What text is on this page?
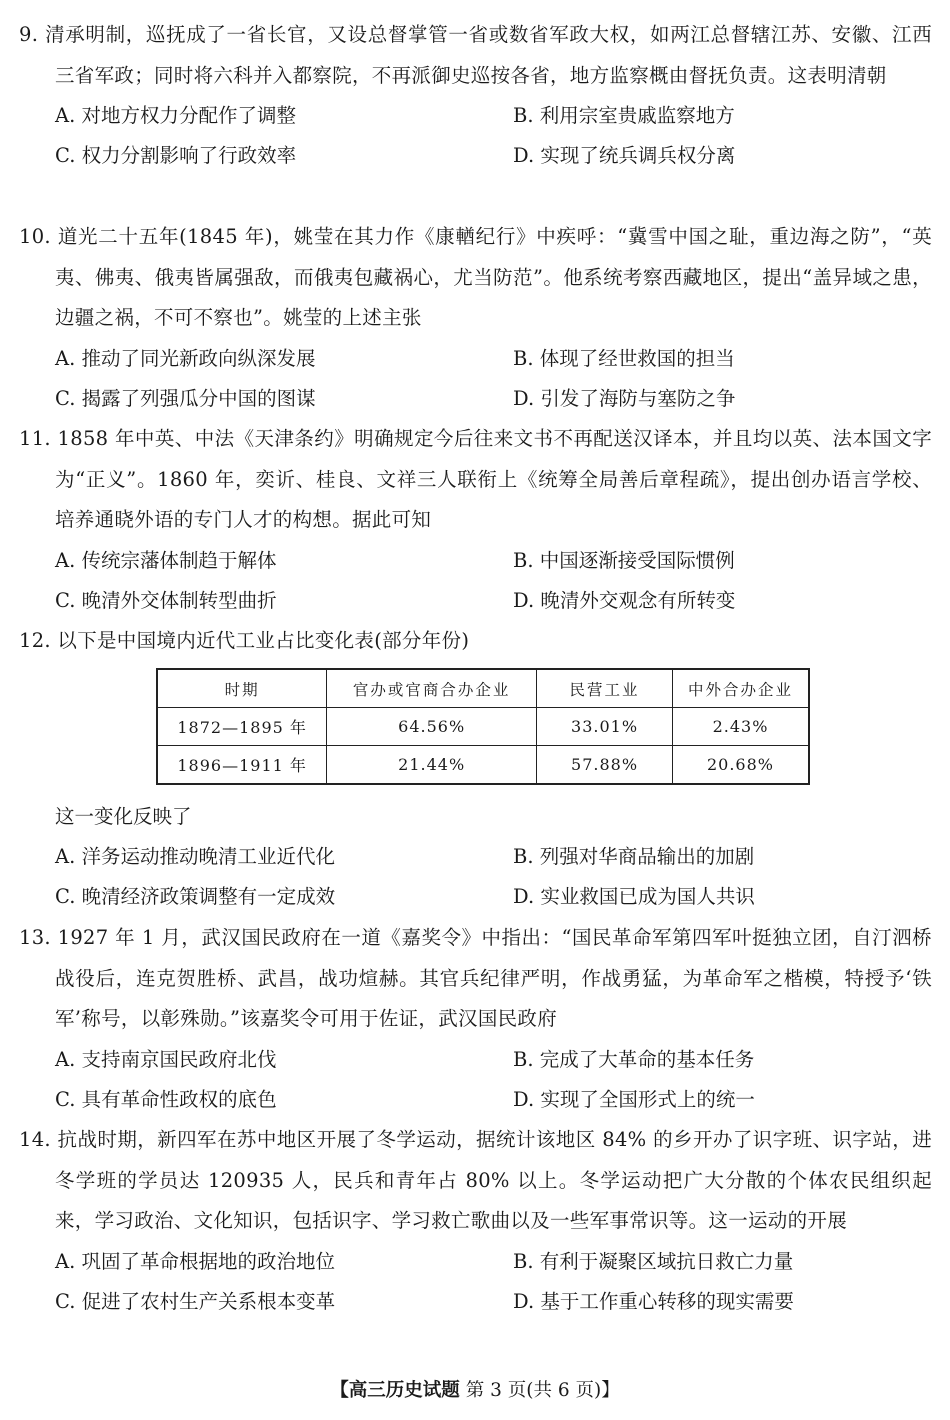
9. 清承明制，巡抚成了一省长官，又设总督掌管一省或数省军政大权，如两江总督辖江苏、安徽、江西三省军政；同时将六科并入都察院，不再派御史巡按各省，地方监察概由督抚负责。这表明清朝

A. 对地方权力分配作了调整	B. 利用宗室贵戚监察地方
C. 权力分割影响了行政效率	D. 实现了统兵调兵权分离

10. 道光二十五年(1845 年)，姚莹在其力作《康輶纪行》中疾呼：“冀雪中国之耻，重边海之防”，“英夷、佛夷、俄夷皆属强敌，而俄夷包藏祸心，尤当防范”。他系统考察西藏地区，提出“盖异域之患，边疆之祸，不可不察也”。姚莹的上述主张

A. 推动了同光新政向纵深发展	B. 体现了经世救国的担当
C. 揭露了列强瓜分中国的图谋	D. 引发了海防与塞防之争

11. 1858 年中英、中法《天津条约》明确规定今后往来文书不再配送汉译本，并且均以英、法本国文字为“正义”。1860 年，奕䜣、桂良、文祥三人联衔上《统筹全局善后章程疏》，提出创办语言学校、培养通晓外语的专门人才的构想。据此可知

A. 传统宗藩体制趋于解体	B. 中国逐渐接受国际惯例
C. 晚清外交体制转型曲折	D. 晚清外交观念有所转变

12. 以下是中国境内近代工业占比变化表(部分年份)

时期	官办或官商合办企业	民营工业	中外合办企业
1872—1895 年	64.56%	33.01%	2.43%
1896—1911 年	21.44%	57.88%	20.68%

这一变化反映了

A. 洋务运动推动晚清工业近代化	B. 列强对华商品输出的加剧
C. 晚清经济政策调整有一定成效	D. 实业救国已成为国人共识

13. 1927 年 1 月，武汉国民政府在一道《嘉奖令》中指出：“国民革命军第四军叶挺独立团，自汀泗桥战役后，连克贺胜桥、武昌，战功煊赫。其官兵纪律严明，作战勇猛，为革命军之楷模，特授予‘铁军’称号，以彰殊勋。”该嘉奖令可用于佐证，武汉国民政府

A. 支持南京国民政府北伐	B. 完成了大革命的基本任务
C. 具有革命性政权的底色	D. 实现了全国形式上的统一

14. 抗战时期，新四军在苏中地区开展了冬学运动，据统计该地区 84% 的乡开办了识字班、识字站，进冬学班的学员达 120935 人，民兵和青年占 80% 以上。冬学运动把广大分散的个体农民组织起来，学习政治、文化知识，包括识字、学习救亡歌曲以及一些军事常识等。这一运动的开展

A. 巩固了革命根据地的政治地位	B. 有利于凝聚区域抗日救亡力量
C. 促进了农村生产关系根本变革	D. 基于工作重心转移的现实需要
【高三历史试题 第 3 页(共 6 页)】
